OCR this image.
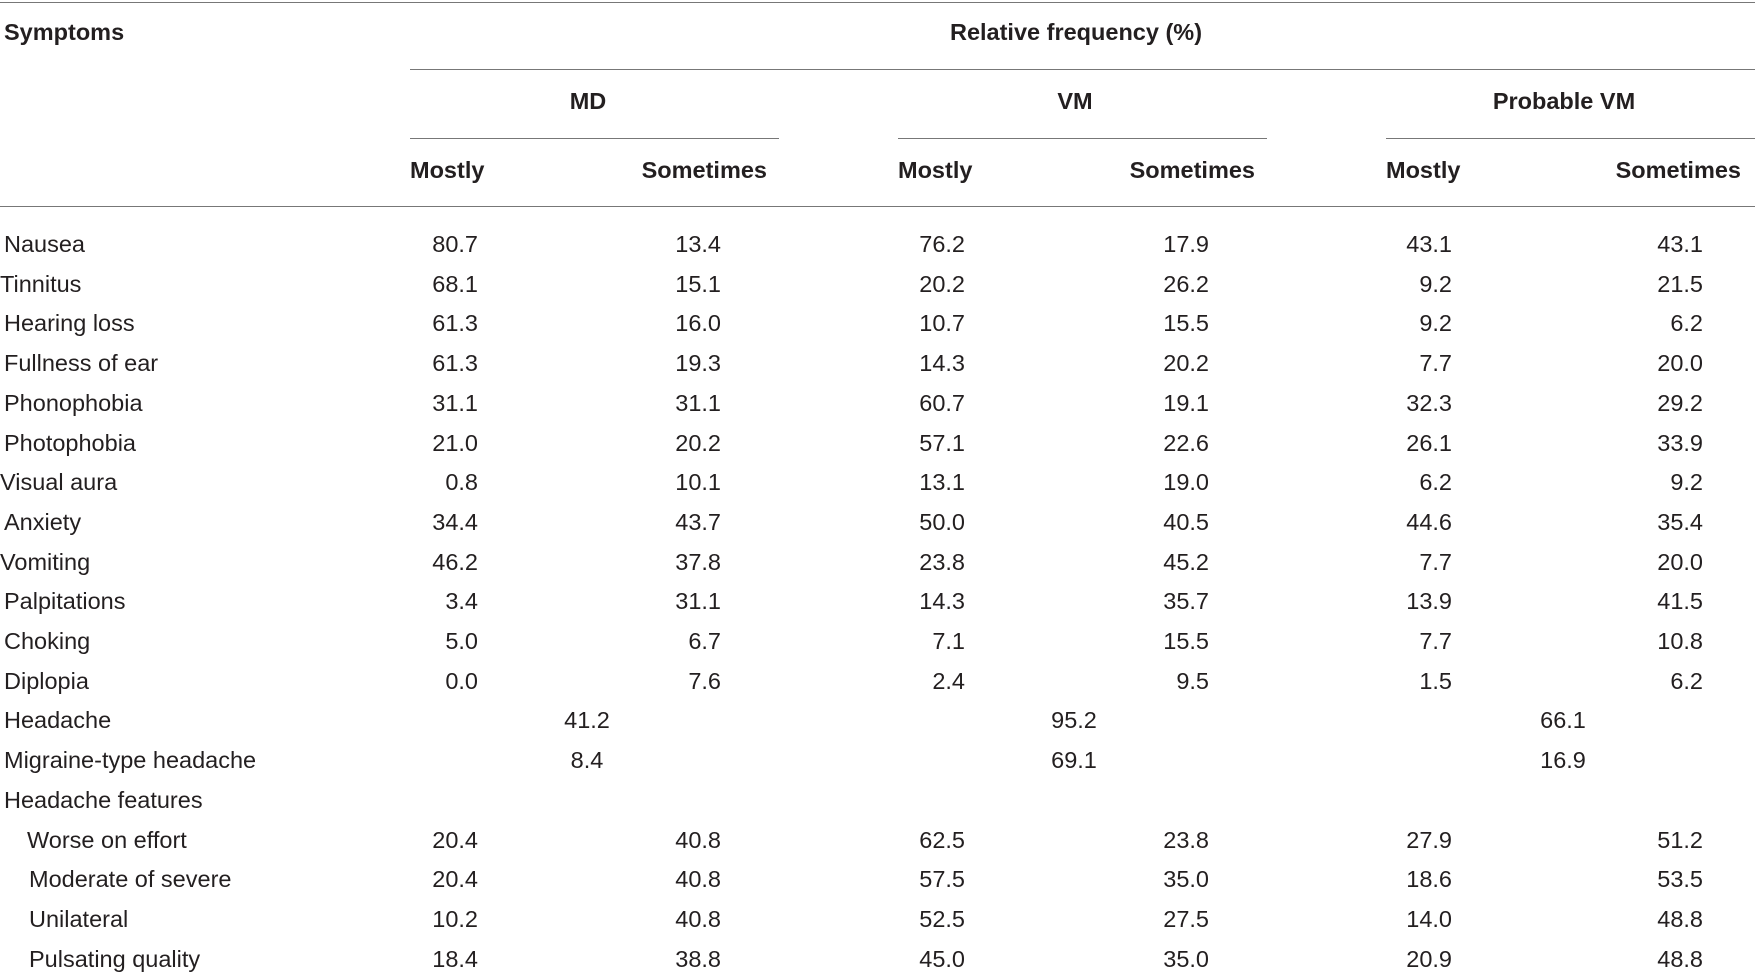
Symptoms	Relative frequency (%)
MD	VM	Probable VM
Mostly	Sometimes	Mostly	Sometimes	Mostly	Sometimes
Nausea	80.7	13.4	76.2	17.9	43.1	43.1
Tinnitus	68.1	15.1	20.2	26.2	9.2	21.5
Hearing loss	61.3	16.0	10.7	15.5	9.2	6.2
Fullness of ear	61.3	19.3	14.3	20.2	7.7	20.0
Phonophobia	31.1	31.1	60.7	19.1	32.3	29.2
Photophobia	21.0	20.2	57.1	22.6	26.1	33.9
Visual aura	0.8	10.1	13.1	19.0	6.2	9.2
Anxiety	34.4	43.7	50.0	40.5	44.6	35.4
Vomiting	46.2	37.8	23.8	45.2	7.7	20.0
Palpitations	3.4	31.1	14.3	35.7	13.9	41.5
Choking	5.0	6.7	7.1	15.5	7.7	10.8
Diplopia	0.0	7.6	2.4	9.5	1.5	6.2
Headache	41.2	95.2	66.1
Migraine-type headache	8.4	69.1	16.9
Headache features
Worse on effort	20.4	40.8	62.5	23.8	27.9	51.2
Moderate of severe	20.4	40.8	57.5	35.0	18.6	53.5
Unilateral	10.2	40.8	52.5	27.5	14.0	48.8
Pulsating quality	18.4	38.8	45.0	35.0	20.9	48.8
